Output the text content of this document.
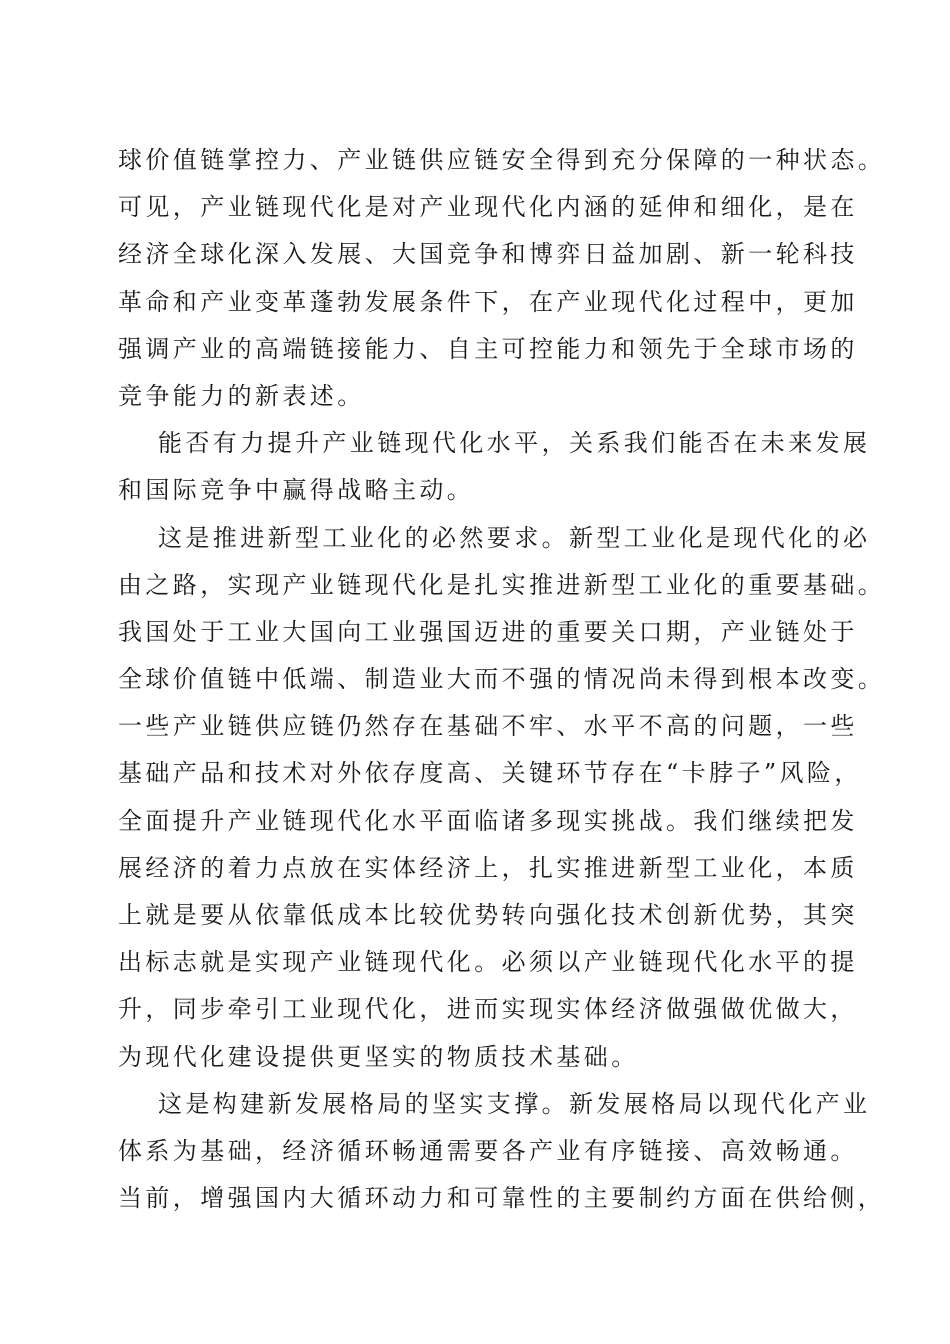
球价值链掌控力、产业链供应链安全得到充分保障的一种状态。
可见，产业链现代化是对产业现代化内涵的延伸和细化，是在
经济全球化深入发展、大国竞争和博弈日益加剧、新一轮科技
革命和产业变革蓬勃发展条件下，在产业现代化过程中，更加
强调产业的高端链接能力、自主可控能力和领先于全球市场的
竞争能力的新表述。
能否有力提升产业链现代化水平，关系我们能否在未来发展
和国际竞争中赢得战略主动。
这是推进新型工业化的必然要求。新型工业化是现代化的必
由之路，实现产业链现代化是扎实推进新型工业化的重要基础。
我国处于工业大国向工业强国迈进的重要关口期，产业链处于
全球价值链中低端、制造业大而不强的情况尚未得到根本改变。
一些产业链供应链仍然存在基础不牢、水平不高的问题，一些
基础产品和技术对外依存度高、关键环节存在“卡脖子”风险，
全面提升产业链现代化水平面临诸多现实挑战。我们继续把发
展经济的着力点放在实体经济上，扎实推进新型工业化，本质
上就是要从依靠低成本比较优势转向强化技术创新优势，其突
出标志就是实现产业链现代化。必须以产业链现代化水平的提
升，同步牵引工业现代化，进而实现实体经济做强做优做大，
为现代化建设提供更坚实的物质技术基础。
这是构建新发展格局的坚实支撑。新发展格局以现代化产业
体系为基础，经济循环畅通需要各产业有序链接、高效畅通。
当前，增强国内大循环动力和可靠性的主要制约方面在供给侧，
